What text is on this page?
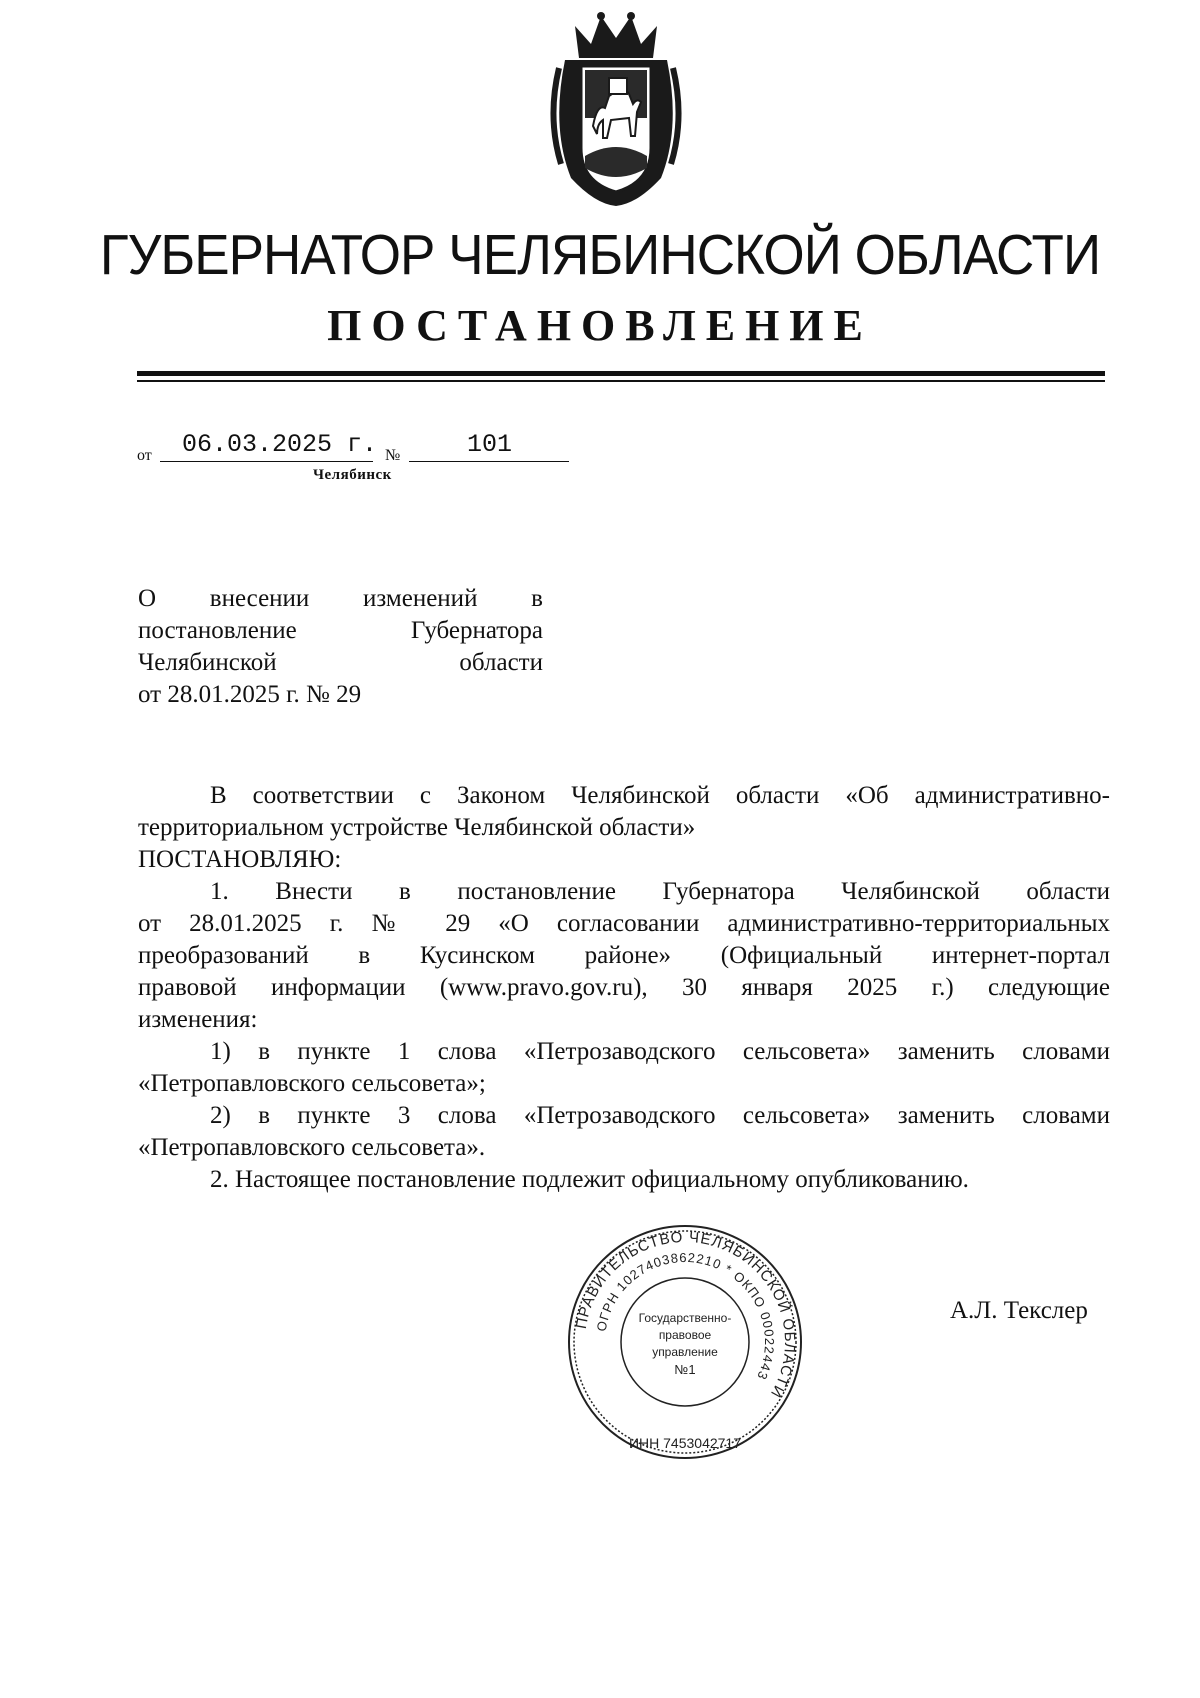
ГУБЕРНАТОР ЧЕЛЯБИНСКОЙ ОБЛАСТИ
ПОСТАНОВЛЕНИЕ
от 06.03.2025 г. №	101
Челябинск
О внесении изменений в
постановление	Губернатора
Челябинской	области
от 28.01.2025 г. № 29
В соответствии с Законом Челябинской области «Об административно-
территориальном устройстве Челябинской области»
ПОСТАНОВЛЯЮ:
1. Внести в постановление Губернатора Челябинской области
от 28.01.2025 г. № 29 «О согласовании административно-территориальных
преобразований в Кусинском районе» (Официальный интернет-портал
правовой информации (www.pravo.gov.ru), 30 января 2025 г.) следующие
изменения:
1) в пункте 1 слова «Петрозаводского сельсовета» заменить словами
«Петропавловского сельсовета»;
2) в пункте 3 слова «Петрозаводского сельсовета» заменить словами
«Петропавловского сельсовета».
2. Настоящее постановление подлежит официальному опубликованию.
ПРАВИТЕЛЬСТВО ЧЕЛЯБИНСКОЙ ОБЛАСТИ
ОГРН 1027403862210 * ОКПО 00022443
ИНН 7453042717
Государственно-
правовое
управление
№1
А.Л. Текслер
